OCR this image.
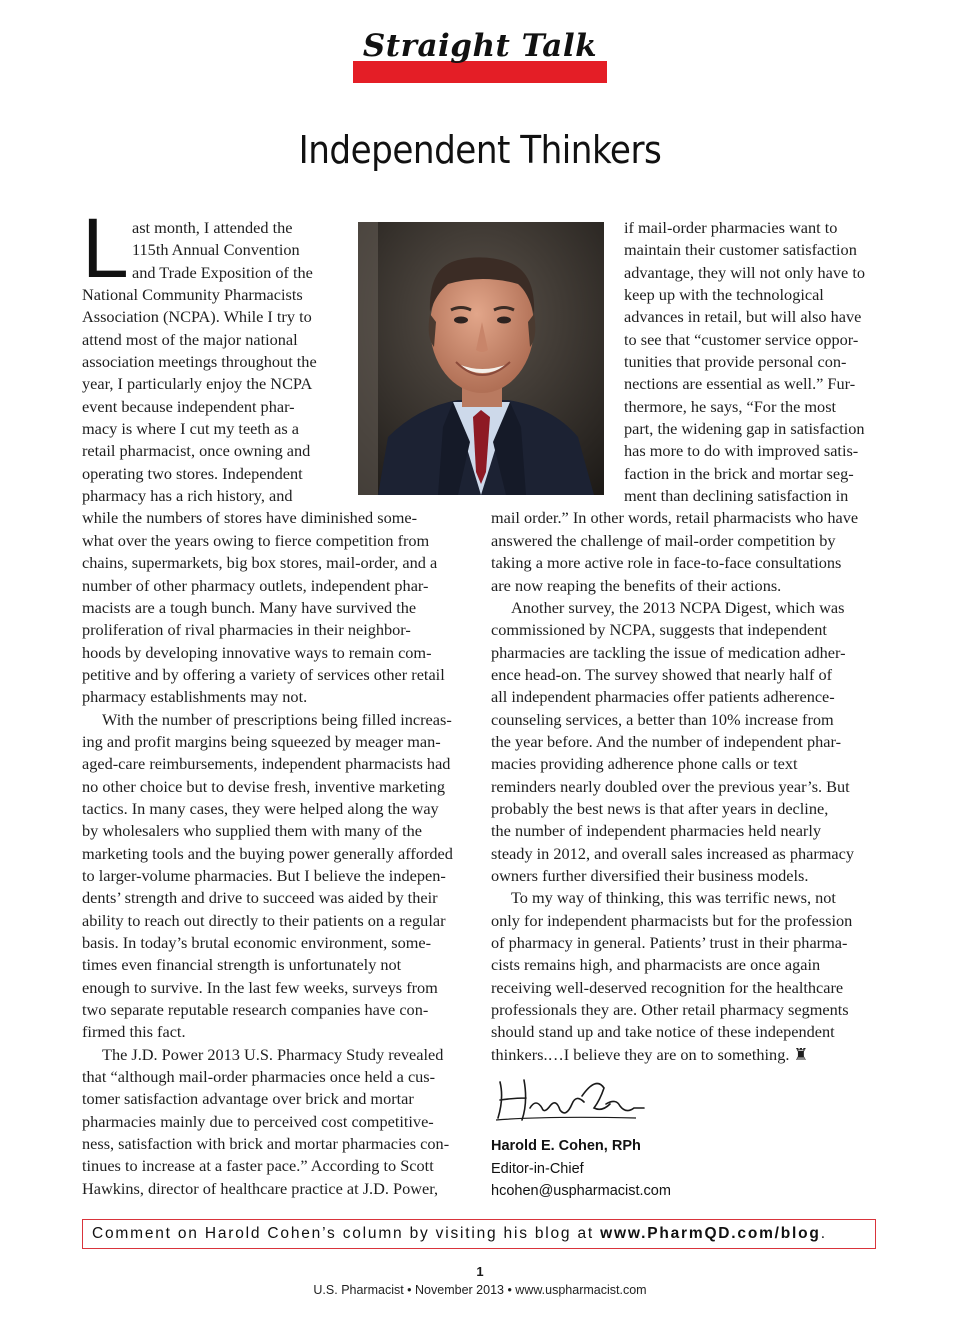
Straight Talk
Independent Thinkers
L ast month, I attended the
115th Annual Convention
and Trade Exposition of the
National Community Pharmacists
Association (NCPA). While I try to
attend most of the major national
association meetings throughout the
year, I particularly enjoy the NCPA
event because independent phar-
macy is where I cut my teeth as a
retail pharmacist, once owning and
operating two stores. Independent
pharmacy has a rich history, and
while the numbers of stores have diminished some-
what over the years owing to fierce competition from
chains, supermarkets, big box stores, mail-order, and a
number of other pharmacy outlets, independent phar-
macists are a tough bunch. Many have survived the
proliferation of rival pharmacies in their neighbor-
hoods by developing innovative ways to remain com-
petitive and by offering a variety of services other retail
pharmacy establishments may not.

With the number of prescriptions being filled increas-
ing and profit margins being squeezed by meager man-
aged-care reimbursements, independent pharmacists had
no other choice but to devise fresh, inventive marketing
tactics. In many cases, they were helped along the way
by wholesalers who supplied them with many of the
marketing tools and the buying power generally afforded
to larger-volume pharmacies. But I believe the indepen-
dents’ strength and drive to succeed was aided by their
ability to reach out directly to their patients on a regular
basis. In today’s brutal economic environment, some-
times even financial strength is unfortunately not
enough to survive. In the last few weeks, surveys from
two separate reputable research companies have con-
firmed this fact.

The J.D. Power 2013 U.S. Pharmacy Study revealed
that “although mail-order pharmacies once held a cus-
tomer satisfaction advantage over brick and mortar
pharmacies mainly due to perceived cost competitive-
ness, satisfaction with brick and mortar pharmacies con-
tinues to increase at a faster pace.” According to Scott
Hawkins, director of healthcare practice at J.D. Power,

if mail-order pharmacies want to
maintain their customer satisfaction
advantage, they will not only have to
keep up with the technological
advances in retail, but will also have
to see that “customer service oppor-
tunities that provide personal con-
nections are essential as well.” Fur-
thermore, he says, “For the most
part, the widening gap in satisfaction
has more to do with improved satis-
faction in the brick and mortar seg-
ment than declining satisfaction in
mail order.” In other words, retail pharmacists who have
answered the challenge of mail-order competition by
taking a more active role in face-to-face consultations
are now reaping the benefits of their actions.

Another survey, the 2013 NCPA Digest, which was
commissioned by NCPA, suggests that independent
pharmacies are tackling the issue of medication adher-
ence head-on. The survey showed that nearly half of
all independent pharmacies offer patients adherence-
counseling services, a better than 10% increase from
the year before. And the number of independent phar-
macies providing adherence phone calls or text
reminders nearly doubled over the previous year’s. But
probably the best news is that after years in decline,
the number of independent pharmacies held nearly
steady in 2012, and overall sales increased as pharmacy
owners further diversified their business models.

To my way of thinking, this was terrific news, not
only for independent pharmacists but for the profession
of pharmacy in general. Patients’ trust in their pharma-
cists remains high, and pharmacists are once again
receiving well-deserved recognition for the healthcare
professionals they are. Other retail pharmacy segments
should stand up and take notice of these independent
thinkers.…I believe they are on to something. ♜

Harold E. Cohen, RPh
Editor-in-Chief
hcohen@uspharmacist.com
Comment on Harold Cohen’s column by visiting his blog at www.PharmQD.com/blog.
1
U.S. Pharmacist • November 2013 • www.uspharmacist.com
